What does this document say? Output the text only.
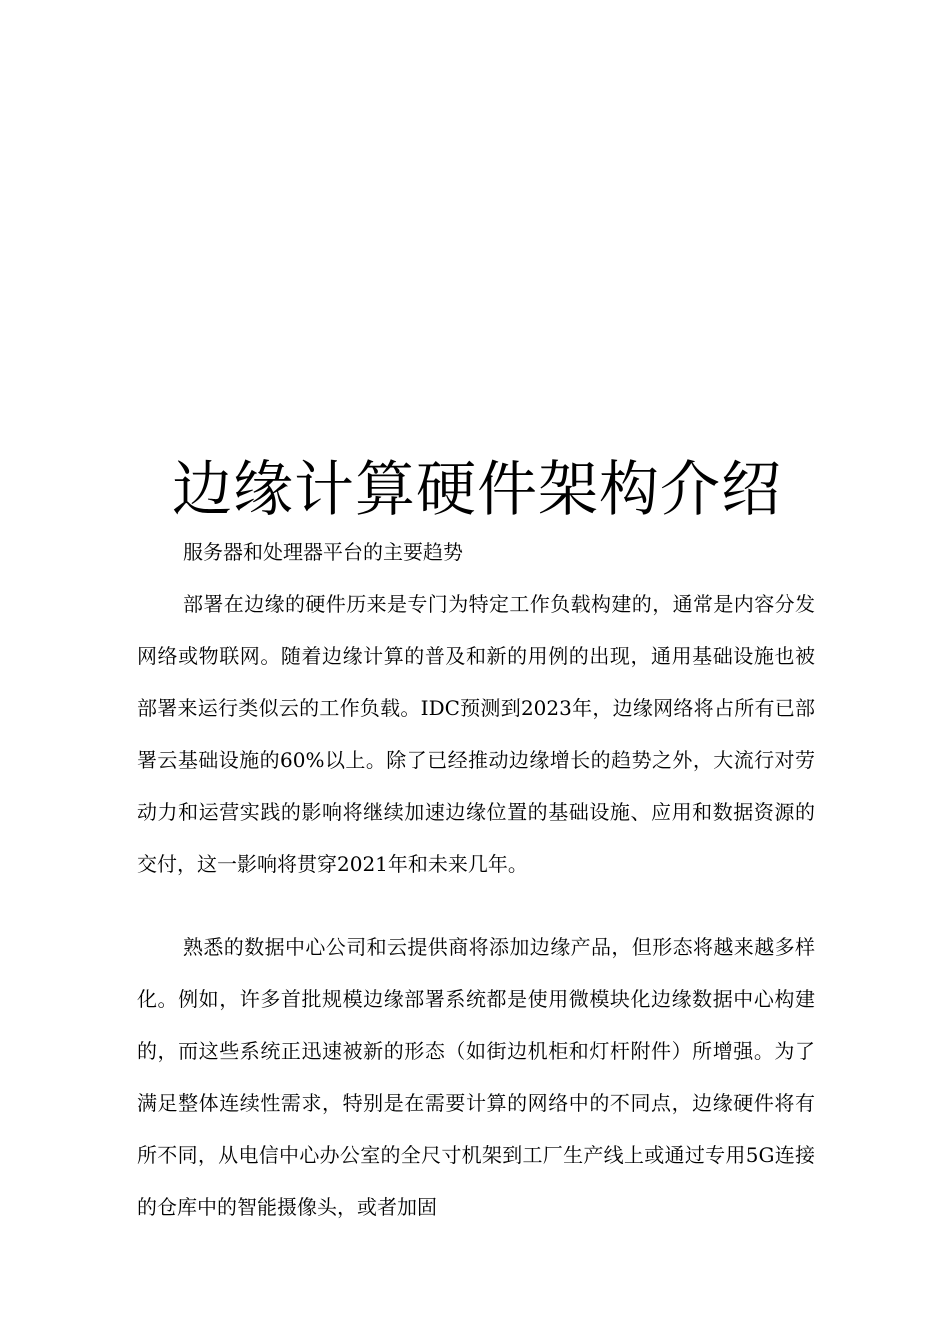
边缘计算硬件架构介绍

服务器和处理器平台的主要趋势

部署在边缘的硬件历来是专门为特定工作负载构建的，通常是内容分发网络或物联网。随着边缘计算的普及和新的用例的出现，通用基础设施也被部署来运行类似云的工作负载。IDC预测到2023年，边缘网络将占所有已部署云基础设施的60%以上。除了已经推动边缘增长的趋势之外，大流行对劳动力和运营实践的影响将继续加速边缘位置的基础设施、应用和数据资源的交付，这一影响将贯穿2021年和未来几年。

熟悉的数据中心公司和云提供商将添加边缘产品，但形态将越来越多样化。例如，许多首批规模边缘部署系统都是使用微模块化边缘数据中心构建的，而这些系统正迅速被新的形态（如街边机柜和灯杆附件）所增强。为了满足整体连续性需求，特别是在需要计算的网络中的不同点，边缘硬件将有所不同，从电信中心办公室的全尺寸机架到工厂生产线上或通过专用5G连接的仓库中的智能摄像头，或者加固
